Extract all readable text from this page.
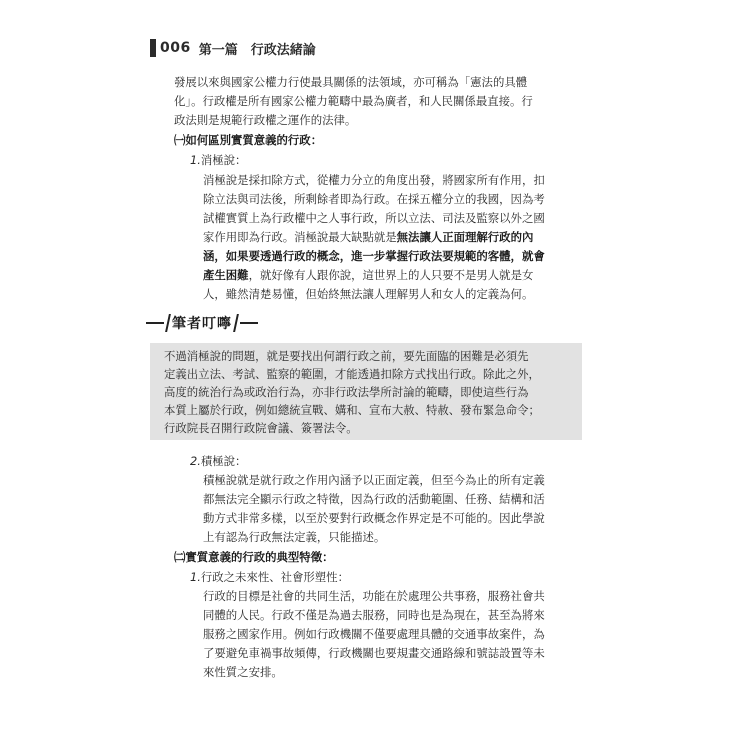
006 第一篇　行政法緒論
發展以來與國家公權力行使最具關係的法領域，亦可稱為「憲法的具體
化」。行政權是所有國家公權力範疇中最為廣者，和人民關係最直接。行
政法則是規範行政權之運作的法律。
㈠如何區別實質意義的行政：
1.消極說：
消極說是採扣除方式，從權力分立的角度出發，將國家所有作用，扣
除立法與司法後，所剩餘者即為行政。在採五權分立的我國，因為考
試權實質上為行政權中之人事行政，所以立法、司法及監察以外之國
家作用即為行政。消極說最大缺點就是無法讓人正面理解行政的內
涵，如果要透過行政的概念，進一步掌握行政法要規範的客體，就會
產生困難，就好像有人跟你說，這世界上的人只要不是男人就是女
人，雖然清楚易懂，但始終無法讓人理解男人和女人的定義為何。
筆者叮嚀
不過消極說的問題，就是要找出何謂行政之前，要先面臨的困難是必須先
定義出立法、考試、監察的範圍，才能透過扣除方式找出行政。除此之外，
高度的統治行為或政治行為，亦非行政法學所討論的範疇，即使這些行為
本質上屬於行政，例如總統宣戰、媾和、宣布大赦、特赦、發布緊急命令；
行政院長召開行政院會議、簽署法令。
2.積極說：
積極說就是就行政之作用內涵予以正面定義，但至今為止的所有定義
都無法完全顯示行政之特徵，因為行政的活動範圍、任務、結構和活
動方式非常多樣，以至於要對行政概念作界定是不可能的。因此學說
上有認為行政無法定義，只能描述。
㈡實質意義的行政的典型特徵：
1.行政之未來性、社會形塑性：
行政的目標是社會的共同生活，功能在於處理公共事務，服務社會共
同體的人民。行政不僅是為過去服務，同時也是為現在，甚至為將來
服務之國家作用。例如行政機關不僅要處理具體的交通事故案件，為
了要避免車禍事故頻傳，行政機關也要規畫交通路線和號誌設置等未
來性質之安排。
